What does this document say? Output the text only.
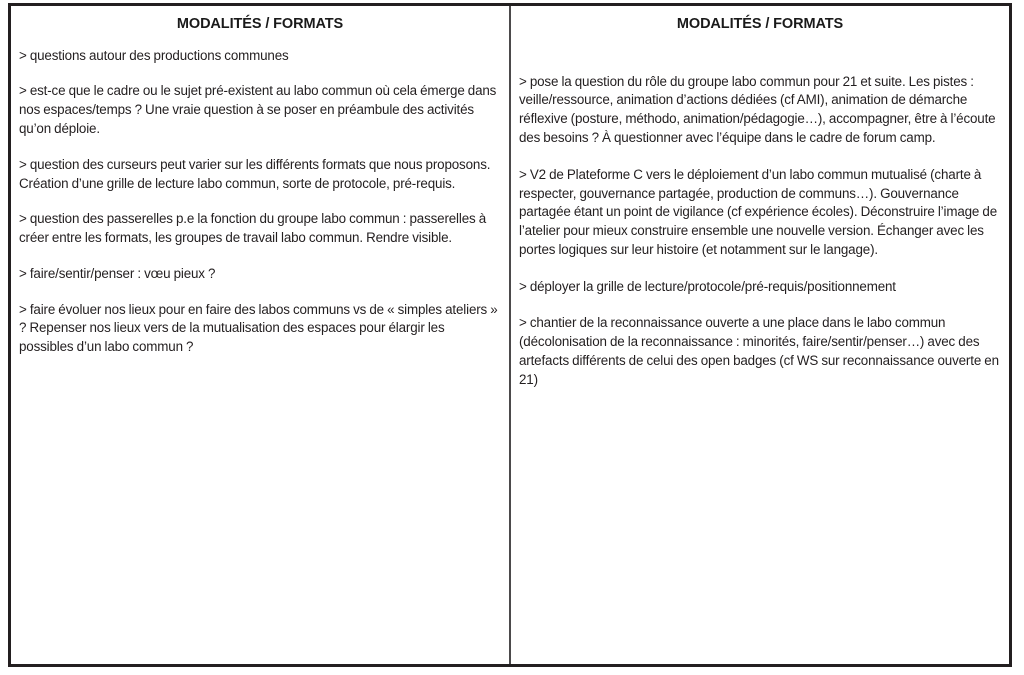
MODALITÉS / FORMATS

> questions autour des productions communes

> est-ce que le cadre ou le sujet pré-existent au labo commun où cela émerge dans nos espaces/temps ? Une vraie question à se poser en préambule des activités qu’on déploie.

> question des curseurs peut varier sur les différents formats que nous proposons. Création d’une grille de lecture labo commun, sorte de protocole, pré-requis.

> question des passerelles p.e la fonction du groupe labo commun : passerelles à créer entre les formats, les groupes de travail labo commun. Rendre visible.

> faire/sentir/penser : vœu pieux ?

> faire évoluer nos lieux pour en faire des labos communs vs de « simples ateliers » ? Repenser nos lieux vers de la mutualisation des espaces pour élargir les possibles d’un labo commun ?

MODALITÉS / FORMATS

> pose la question du rôle du groupe labo commun pour 21 et suite. Les pistes : veille/ressource, animation d’actions dédiées (cf AMI), animation de démarche réflexive (posture, méthodo, animation/pédagogie…), accompagner, être à l’écoute des besoins ? À questionner avec l’équipe dans le cadre de forum camp.

> V2 de Plateforme C vers le déploiement d’un labo commun mutualisé (charte à respecter, gouvernance partagée, production de communs…). Gouvernance partagée étant un point de vigilance (cf expérience écoles). Déconstruire l’image de l’atelier pour mieux construire ensemble une nouvelle version. Échanger avec les portes logiques sur leur histoire (et notamment sur le langage).

> déployer la grille de lecture/protocole/pré-requis/positionnement

> chantier de la reconnaissance ouverte a une place dans le labo commun (décolonisation de la reconnaissance : minorités, faire/sentir/penser…) avec des artefacts différents de celui des open badges (cf WS sur reconnaissance ouverte en 21)
